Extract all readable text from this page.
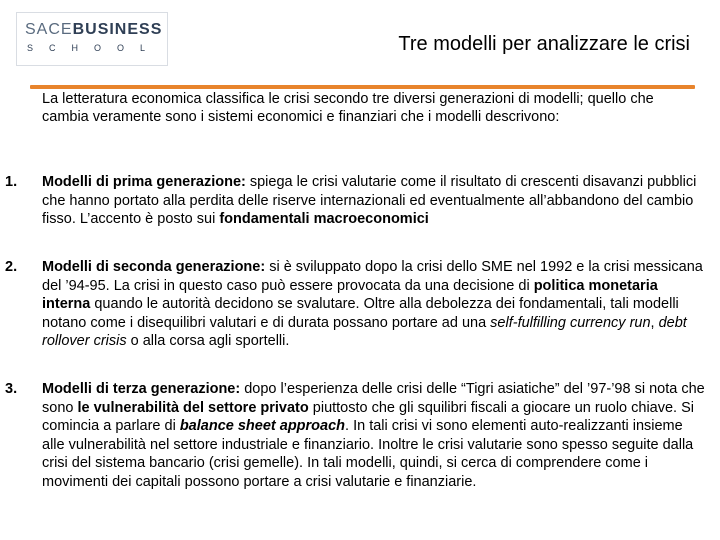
SACEBUSINESS
SCHOOL	Tre modelli per analizzare le crisi
La letteratura economica classifica le crisi secondo tre diversi generazioni di modelli; quello che cambia veramente sono i sistemi economici e finanziari che i modelli descrivono:
1. Modelli di prima generazione: spiega le crisi valutarie come il risultato di crescenti disavanzi pubblici che hanno portato alla perdita delle riserve internazionali ed eventualmente all’abbandono del cambio fisso. L’accento è posto sui fondamentali macroeconomici
2. Modelli di seconda generazione: si è sviluppato dopo la crisi dello SME nel 1992 e la crisi messicana del ’94-95. La crisi in questo caso può essere provocata da una decisione di politica monetaria interna quando le autorità decidono se svalutare. Oltre alla debolezza dei fondamentali, tali modelli notano come i disequilibri valutari e di durata possano portare ad una self-fulfilling currency run, debt rollover crisis o alla corsa agli sportelli.
3. Modelli di terza generazione: dopo l’esperienza delle crisi delle “Tigri asiatiche” del ’97-’98 si nota che sono le vulnerabilità del settore privato piuttosto che gli squilibri fiscali a giocare un ruolo chiave. Si comincia a parlare di balance sheet approach. In tali crisi vi sono elementi auto-realizzanti insieme alle vulnerabilità nel settore industriale e finanziario. Inoltre le crisi valutarie sono spesso seguite dalla crisi del sistema bancario (crisi gemelle). In tali modelli, quindi, si cerca di comprendere come i movimenti dei capitali possono portare a crisi valutarie e finanziarie.
